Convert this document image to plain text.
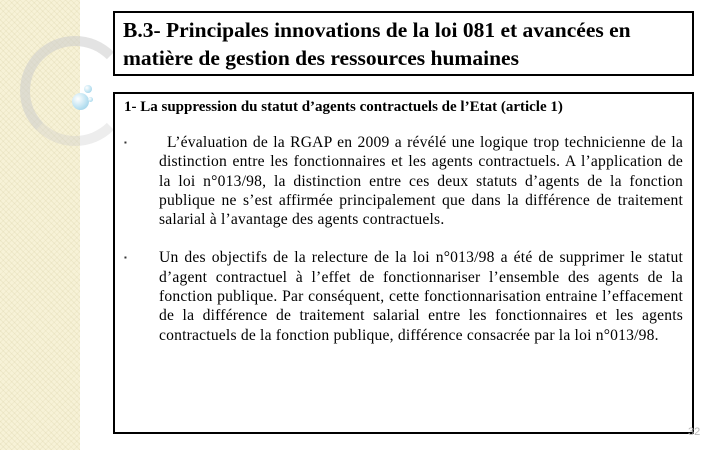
B.3- Principales innovations de la loi 081 et avancées en matière de gestion des ressources humaines
1- La suppression du statut d’agents contractuels de l’Etat (article 1)
▪	L’évaluation de la RGAP en 2009 a révélé une logique trop technicienne de la distinction entre les fonctionnaires et les agents contractuels. A l’application de la loi n°013/98, la distinction entre ces deux statuts d’agents de la fonction publique ne s’est affirmée principalement que dans la différence de traitement salarial à l’avantage des agents contractuels.
▪ Un des objectifs de la relecture de la loi n°013/98 a été de supprimer le statut d’agent contractuel à l’effet de fonctionnariser l’ensemble des agents de la fonction publique. Par conséquent, cette fonctionnarisation entraine l’effacement de la différence de traitement salarial entre les fonctionnaires et les agents contractuels de la fonction publique, différence consacrée par la loi n°013/98.
32
